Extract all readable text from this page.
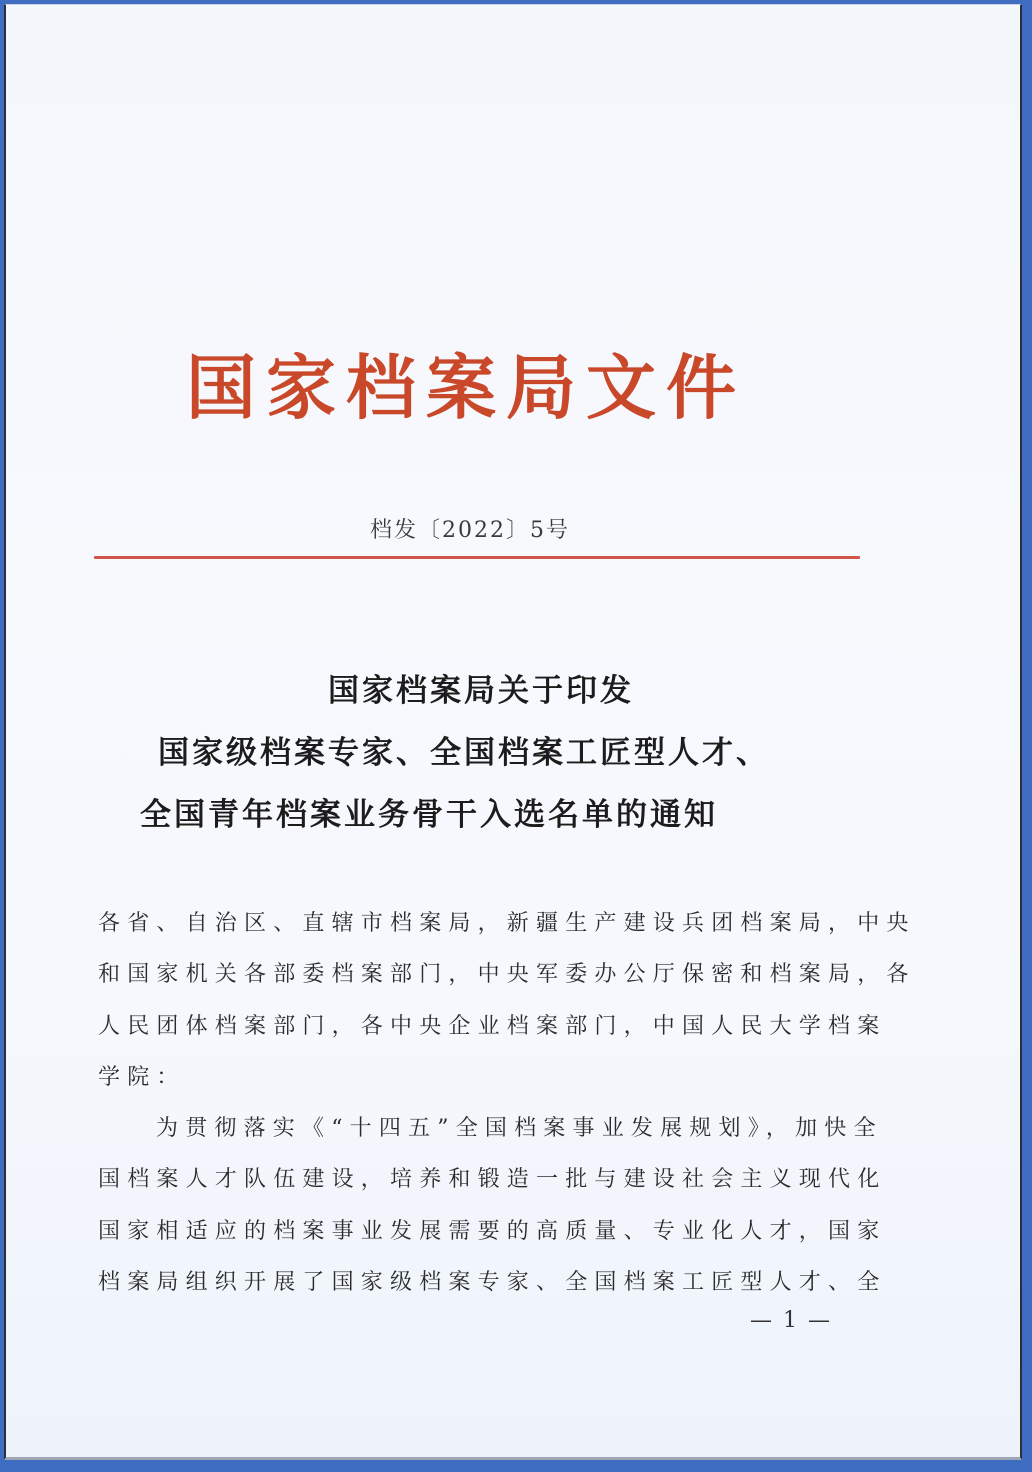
国家档案局文件
档发〔2022〕5号
国家档案局关于印发
国家级档案专家、全国档案工匠型人才、
全国青年档案业务骨干入选名单的通知
各省、自治区、直辖市档案局，新疆生产建设兵团档案局，中央
和国家机关各部委档案部门，中央军委办公厅保密和档案局，各
人民团体档案部门，各中央企业档案部门，中国人民大学档案
学院：
为贯彻落实《“十四五”全国档案事业发展规划》，加快全
国档案人才队伍建设，培养和锻造一批与建设社会主义现代化
国家相适应的档案事业发展需要的高质量、专业化人才，国家
档案局组织开展了国家级档案专家、全国档案工匠型人才、全
— 1 —
